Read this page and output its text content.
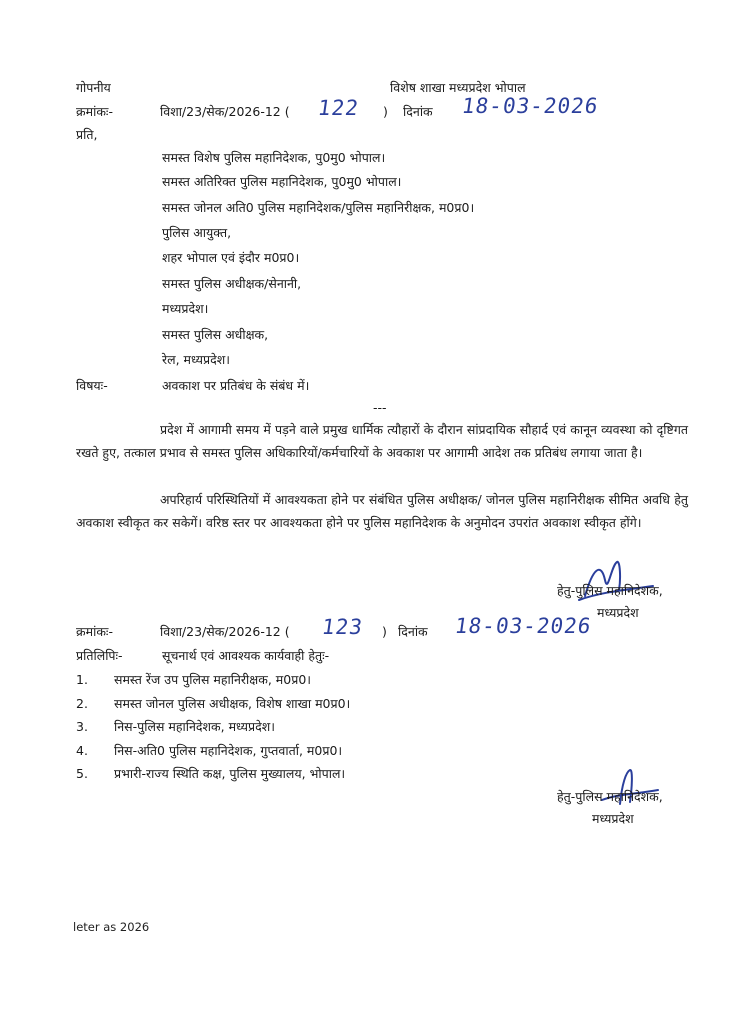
गोपनीय	विशेष शाखा मध्यप्रदेश भोपाल
क्रमांकः-	विशा/23/सेक/2026-12 ( 122 ) दिनांक 18-03-2026
प्रति,
समस्त विशेष पुलिस महानिदेशक, पु0मु0 भोपाल।
समस्त अतिरिक्त पुलिस महानिदेशक, पु0मु0 भोपाल।
समस्त जोनल अति0 पुलिस महानिदेशक/पुलिस महानिरीक्षक, म0प्र0।
पुलिस आयुक्त,
शहर भोपाल एवं इंदौर म0प्र0।
समस्त पुलिस अधीक्षक/सेनानी,
मध्यप्रदेश।
समस्त पुलिस अधीक्षक,
रेल, मध्यप्रदेश।
विषयः-	अवकाश पर प्रतिबंध के संबंध में।
---
प्रदेश में आगामी समय में पड़ने वाले प्रमुख धार्मिक त्यौहारों के दौरान सांप्रदायिक सौहार्द एवं कानून व्यवस्था को दृष्टिगत रखते हुए, तत्काल प्रभाव से समस्त पुलिस अधिकारियों/कर्मचारियों के अवकाश पर आगामी आदेश तक प्रतिबंध लगाया जाता है।
अपरिहार्य परिस्थितियों में आवश्यकता होने पर संबंधित पुलिस अधीक्षक/ जोनल पुलिस महानिरीक्षक सीमित अवधि हेतु अवकाश स्वीकृत कर सकेगें। वरिष्ठ स्तर पर आवश्यकता होने पर पुलिस महानिदेशक के अनुमोदन उपरांत अवकाश स्वीकृत होंगे।
हेतु-पुलिस महानिदेशक,
मध्यप्रदेश
क्रमांकः-	विशा/23/सेक/2026-12 ( 123 ) दिनांक 18-03-2026
प्रतिलिपिः-	सूचनार्थ एवं आवश्यक कार्यवाही हेतुः-
1. समस्त रेंज उप पुलिस महानिरीक्षक, म0प्र0।
2. समस्त जोनल पुलिस अधीक्षक, विशेष शाखा म0प्र0।
3. निस-पुलिस महानिदेशक, मध्यप्रदेश।
4. निस-अति0 पुलिस महानिदेशक, गुप्तवार्ता, म0प्र0।
5. प्रभारी-राज्य स्थिति कक्ष, पुलिस मुख्यालय, भोपाल।
हेतु-पुलिस महानिदेशक,
मध्यप्रदेश
leter as 2026
